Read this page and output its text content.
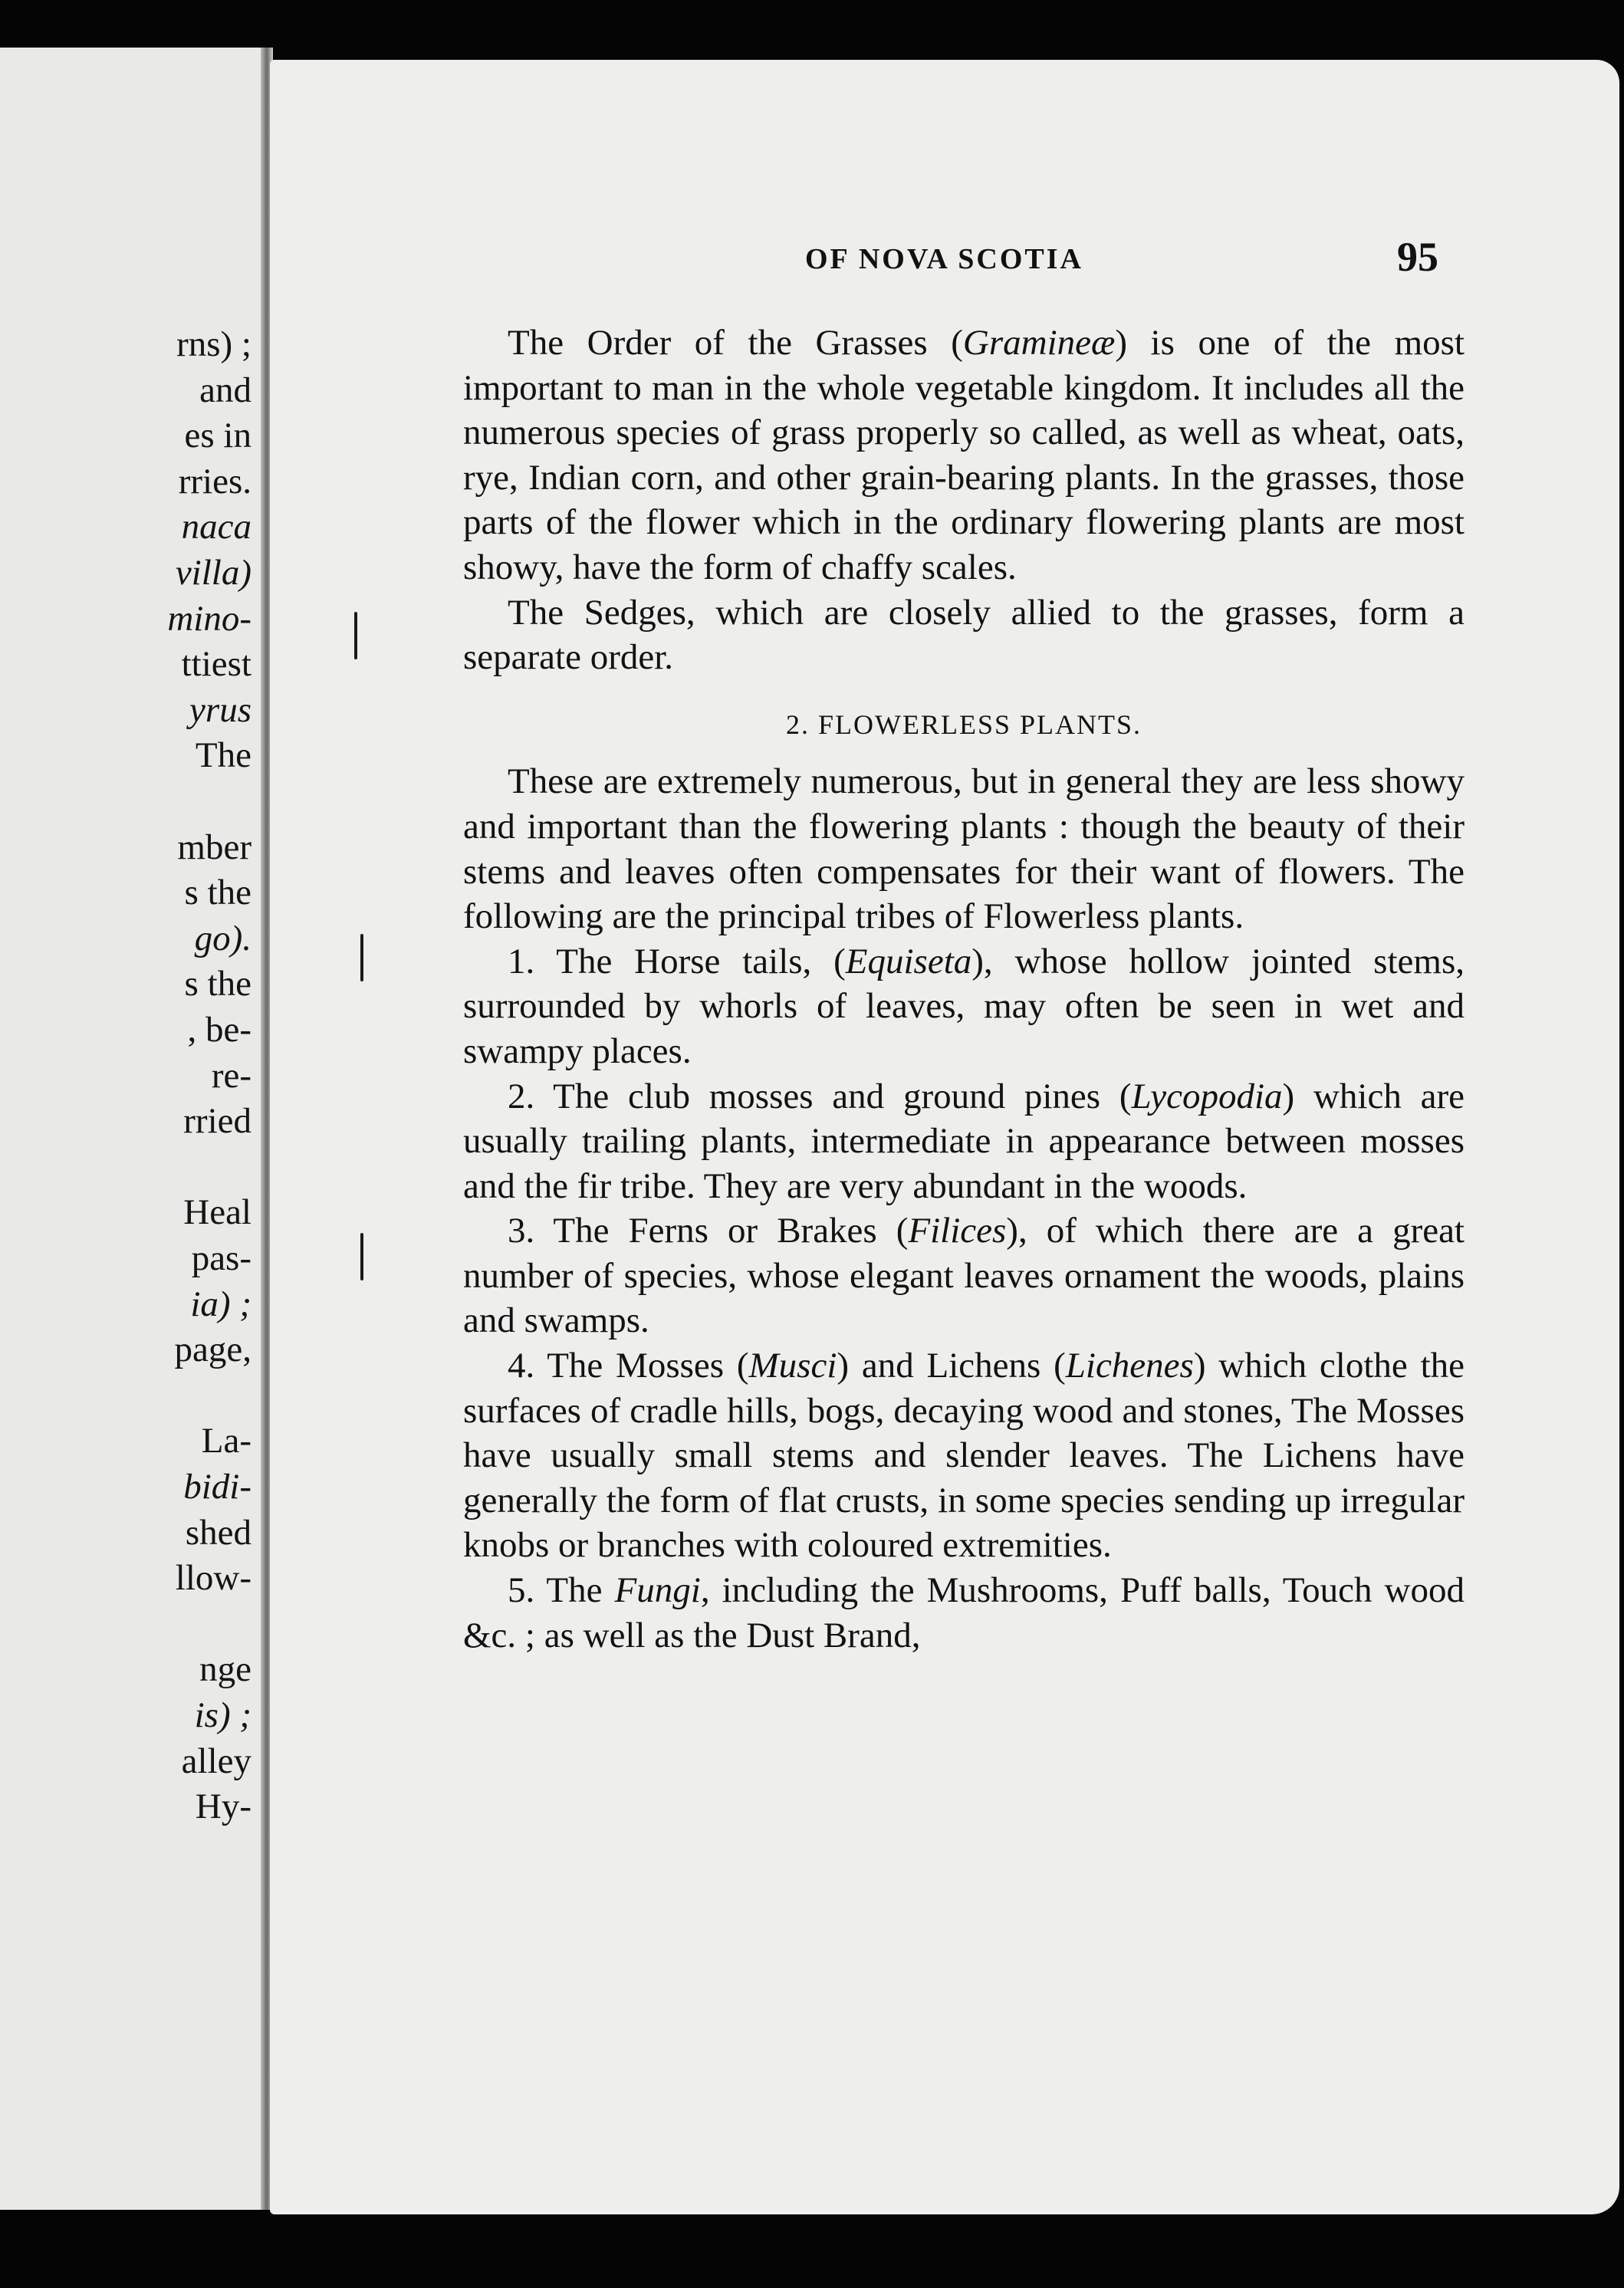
rns) ;
and
es in
rries.
naca
villa)
mino-
ttiest
yrus
The
mber
s the
go).
s the
, be-
re-
rried
Heal
pas-
ia) ;
page,
La-
bidi-
shed
llow-
nge
is) ;
alley
Hy-
OF NOVA SCOTIA	95

The Order of the Grasses (Gramineæ) is one of the most important to man in the whole vegetable kingdom. It includes all the numerous species of grass properly so called, as well as wheat, oats, rye, Indian corn, and other grain-bearing plants. In the grasses, those parts of the flower which in the ordinary flowering plants are most showy, have the form of chaffy scales.

The Sedges, which are closely allied to the grasses, form a separate order.

2. FLOWERLESS PLANTS.

These are extremely numerous, but in general they are less showy and important than the flowering plants : though the beauty of their stems and leaves often compensates for their want of flowers. The following are the principal tribes of Flowerless plants.

1. The Horse tails, (Equiseta), whose hollow jointed stems, surrounded by whorls of leaves, may often be seen in wet and swampy places.

2. The club mosses and ground pines (Lycopodia) which are usually trailing plants, intermediate in appearance between mosses and the fir tribe. They are very abundant in the woods.

3. The Ferns or Brakes (Filices), of which there are a great number of species, whose elegant leaves ornament the woods, plains and swamps.

4. The Mosses (Musci) and Lichens (Lichenes) which clothe the surfaces of cradle hills, bogs, decaying wood and stones, The Mosses have usually small stems and slender leaves. The Lichens have generally the form of flat crusts, in some species sending up irregular knobs or branches with coloured extremities.

5. The Fungi, including the Mushrooms, Puff balls, Touch wood &c. ; as well as the Dust Brand,
